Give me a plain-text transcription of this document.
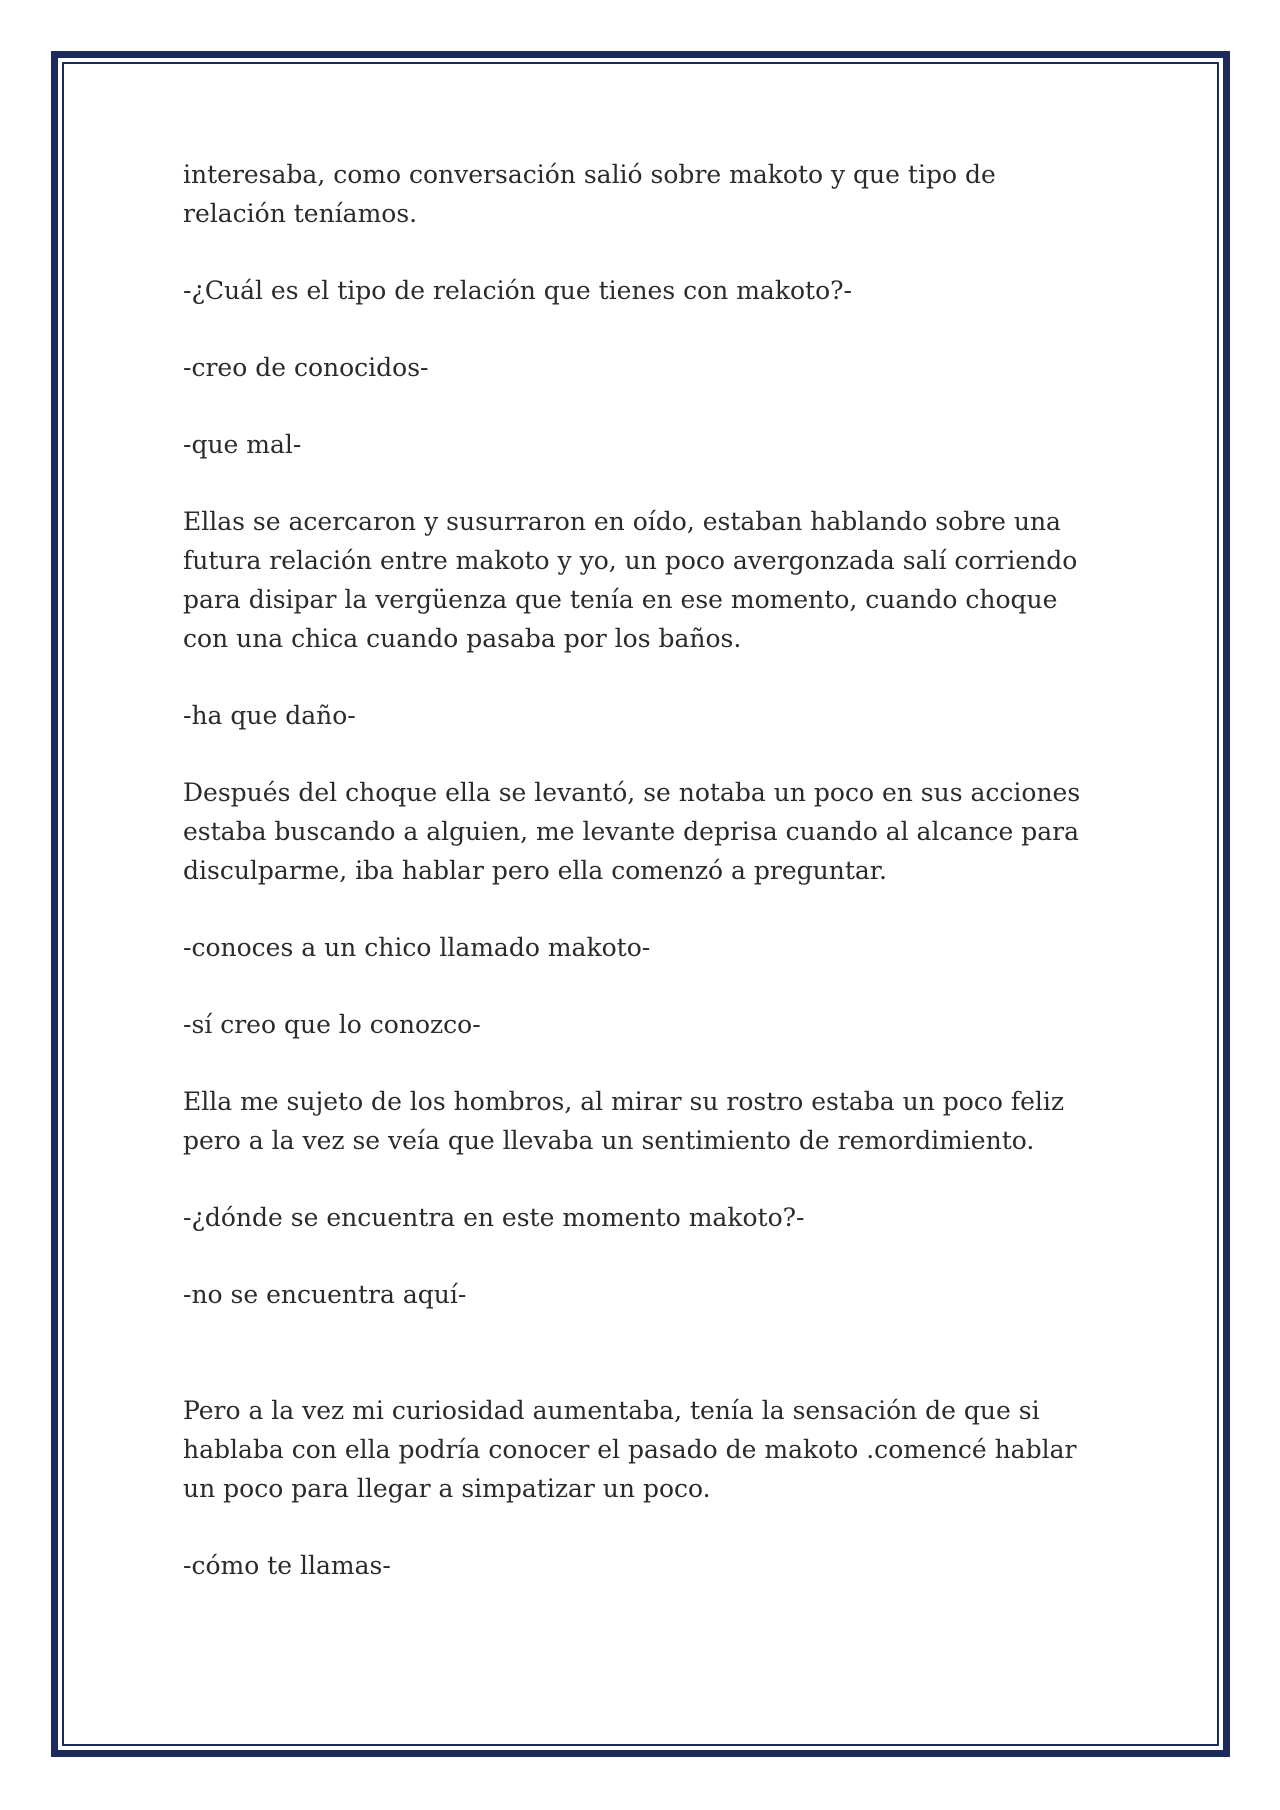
interesaba, como conversación salió sobre makoto y que tipo de relación teníamos.

-¿Cuál es el tipo de relación que tienes con makoto?-

-creo de conocidos-

-que mal-

Ellas se acercaron y susurraron en oído, estaban hablando sobre una futura relación entre makoto y yo, un poco avergonzada salí corriendo para disipar la vergüenza que tenía en ese momento, cuando choque con una chica cuando pasaba por los baños.

-ha que daño-

Después del choque ella se levantó, se notaba un poco en sus acciones estaba buscando a alguien, me levante deprisa cuando al alcance para disculparme, iba hablar pero ella comenzó a preguntar.

-conoces a un chico llamado makoto-

-sí creo que lo conozco-

Ella me sujeto de los hombros, al mirar su rostro estaba un poco feliz pero a la vez se veía que llevaba un sentimiento de remordimiento.

-¿dónde se encuentra en este momento makoto?-

-no se encuentra aquí-

Pero a la vez mi curiosidad aumentaba, tenía la sensación de que si hablaba con ella podría conocer el pasado de makoto .comencé hablar un poco para llegar a simpatizar un poco.

-cómo te llamas-
